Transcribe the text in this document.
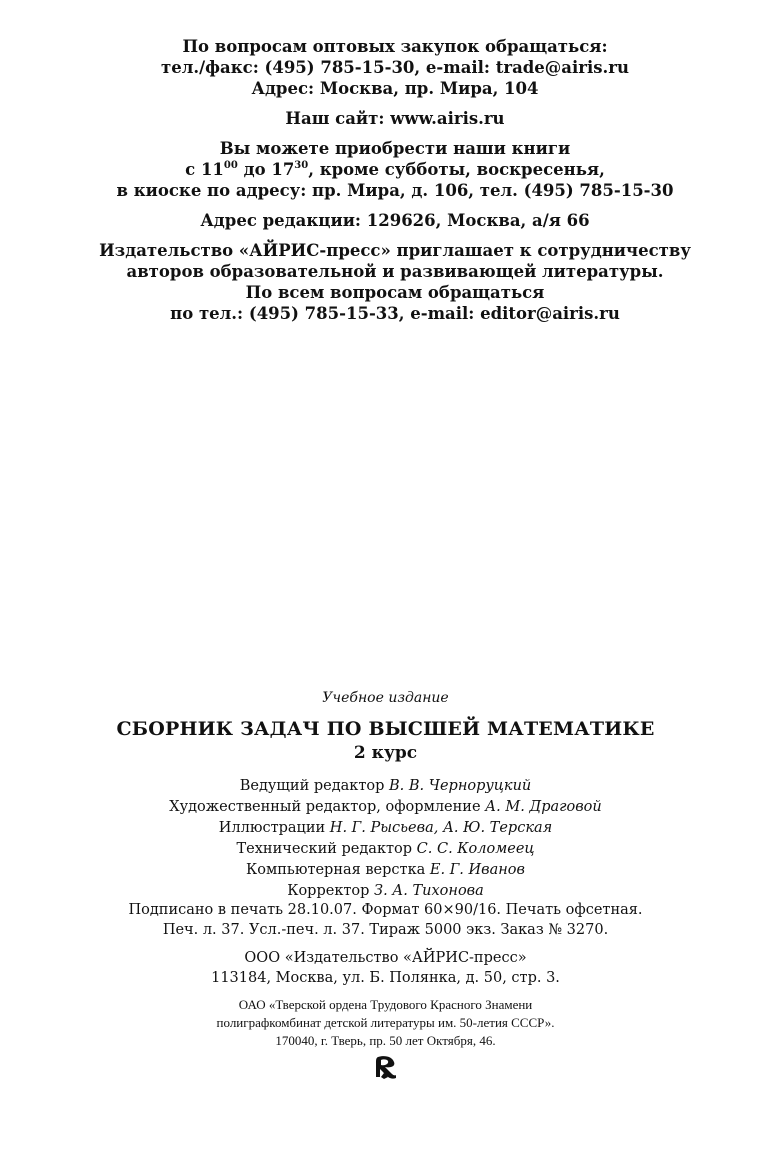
По вопросам оптовых закупок обращаться:
тел./факс: (495) 785-15-30, e-mail: trade@airis.ru
Адрес: Москва, пр. Мира, 104
Наш сайт: www.airis.ru
Вы можете приобрести наши книги
с $11^{00}$ до $17^{30}$, кроме субботы, воскресенья,
в киоске по адресу: пр. Мира, д. 106, тел. (495) 785-15-30
Адрес редакции: 129626, Москва, а/я 66
Издательство «АЙРИС-пресс» приглашает к сотрудничеству
авторов образовательной и развивающей литературы.
По всем вопросам обращаться
по тел.: (495) 785-15-33, e-mail: editor@airis.ru
Учебное издание
СБОРНИК ЗАДАЧ ПО ВЫСШЕЙ МАТЕМАТИКЕ
2 курс
Ведущий редактор В. В. Черноруцкий
Художественный редактор, оформление А. М. Драговой
Иллюстрации Н. Г. Рысьева, А. Ю. Терская
Технический редактор С. С. Коломеец
Компьютерная верстка Е. Г. Иванов
Корректор З. А. Тихонова
Подписано в печать 28.10.07. Формат 60×90/16. Печать офсетная.
Печ. л. 37. Усл.-печ. л. 37. Тираж 5000 экз. Заказ № 3270.
ООО «Издательство «АЙРИС-пресс»
113184, Москва, ул. Б. Полянка, д. 50, стр. 3.
ОАО «Тверской ордена Трудового Красного Знамени
полиграфкомбинат детской литературы им. 50-летия СССР».
170040, г. Тверь, пр. 50 лет Октября, 46.
